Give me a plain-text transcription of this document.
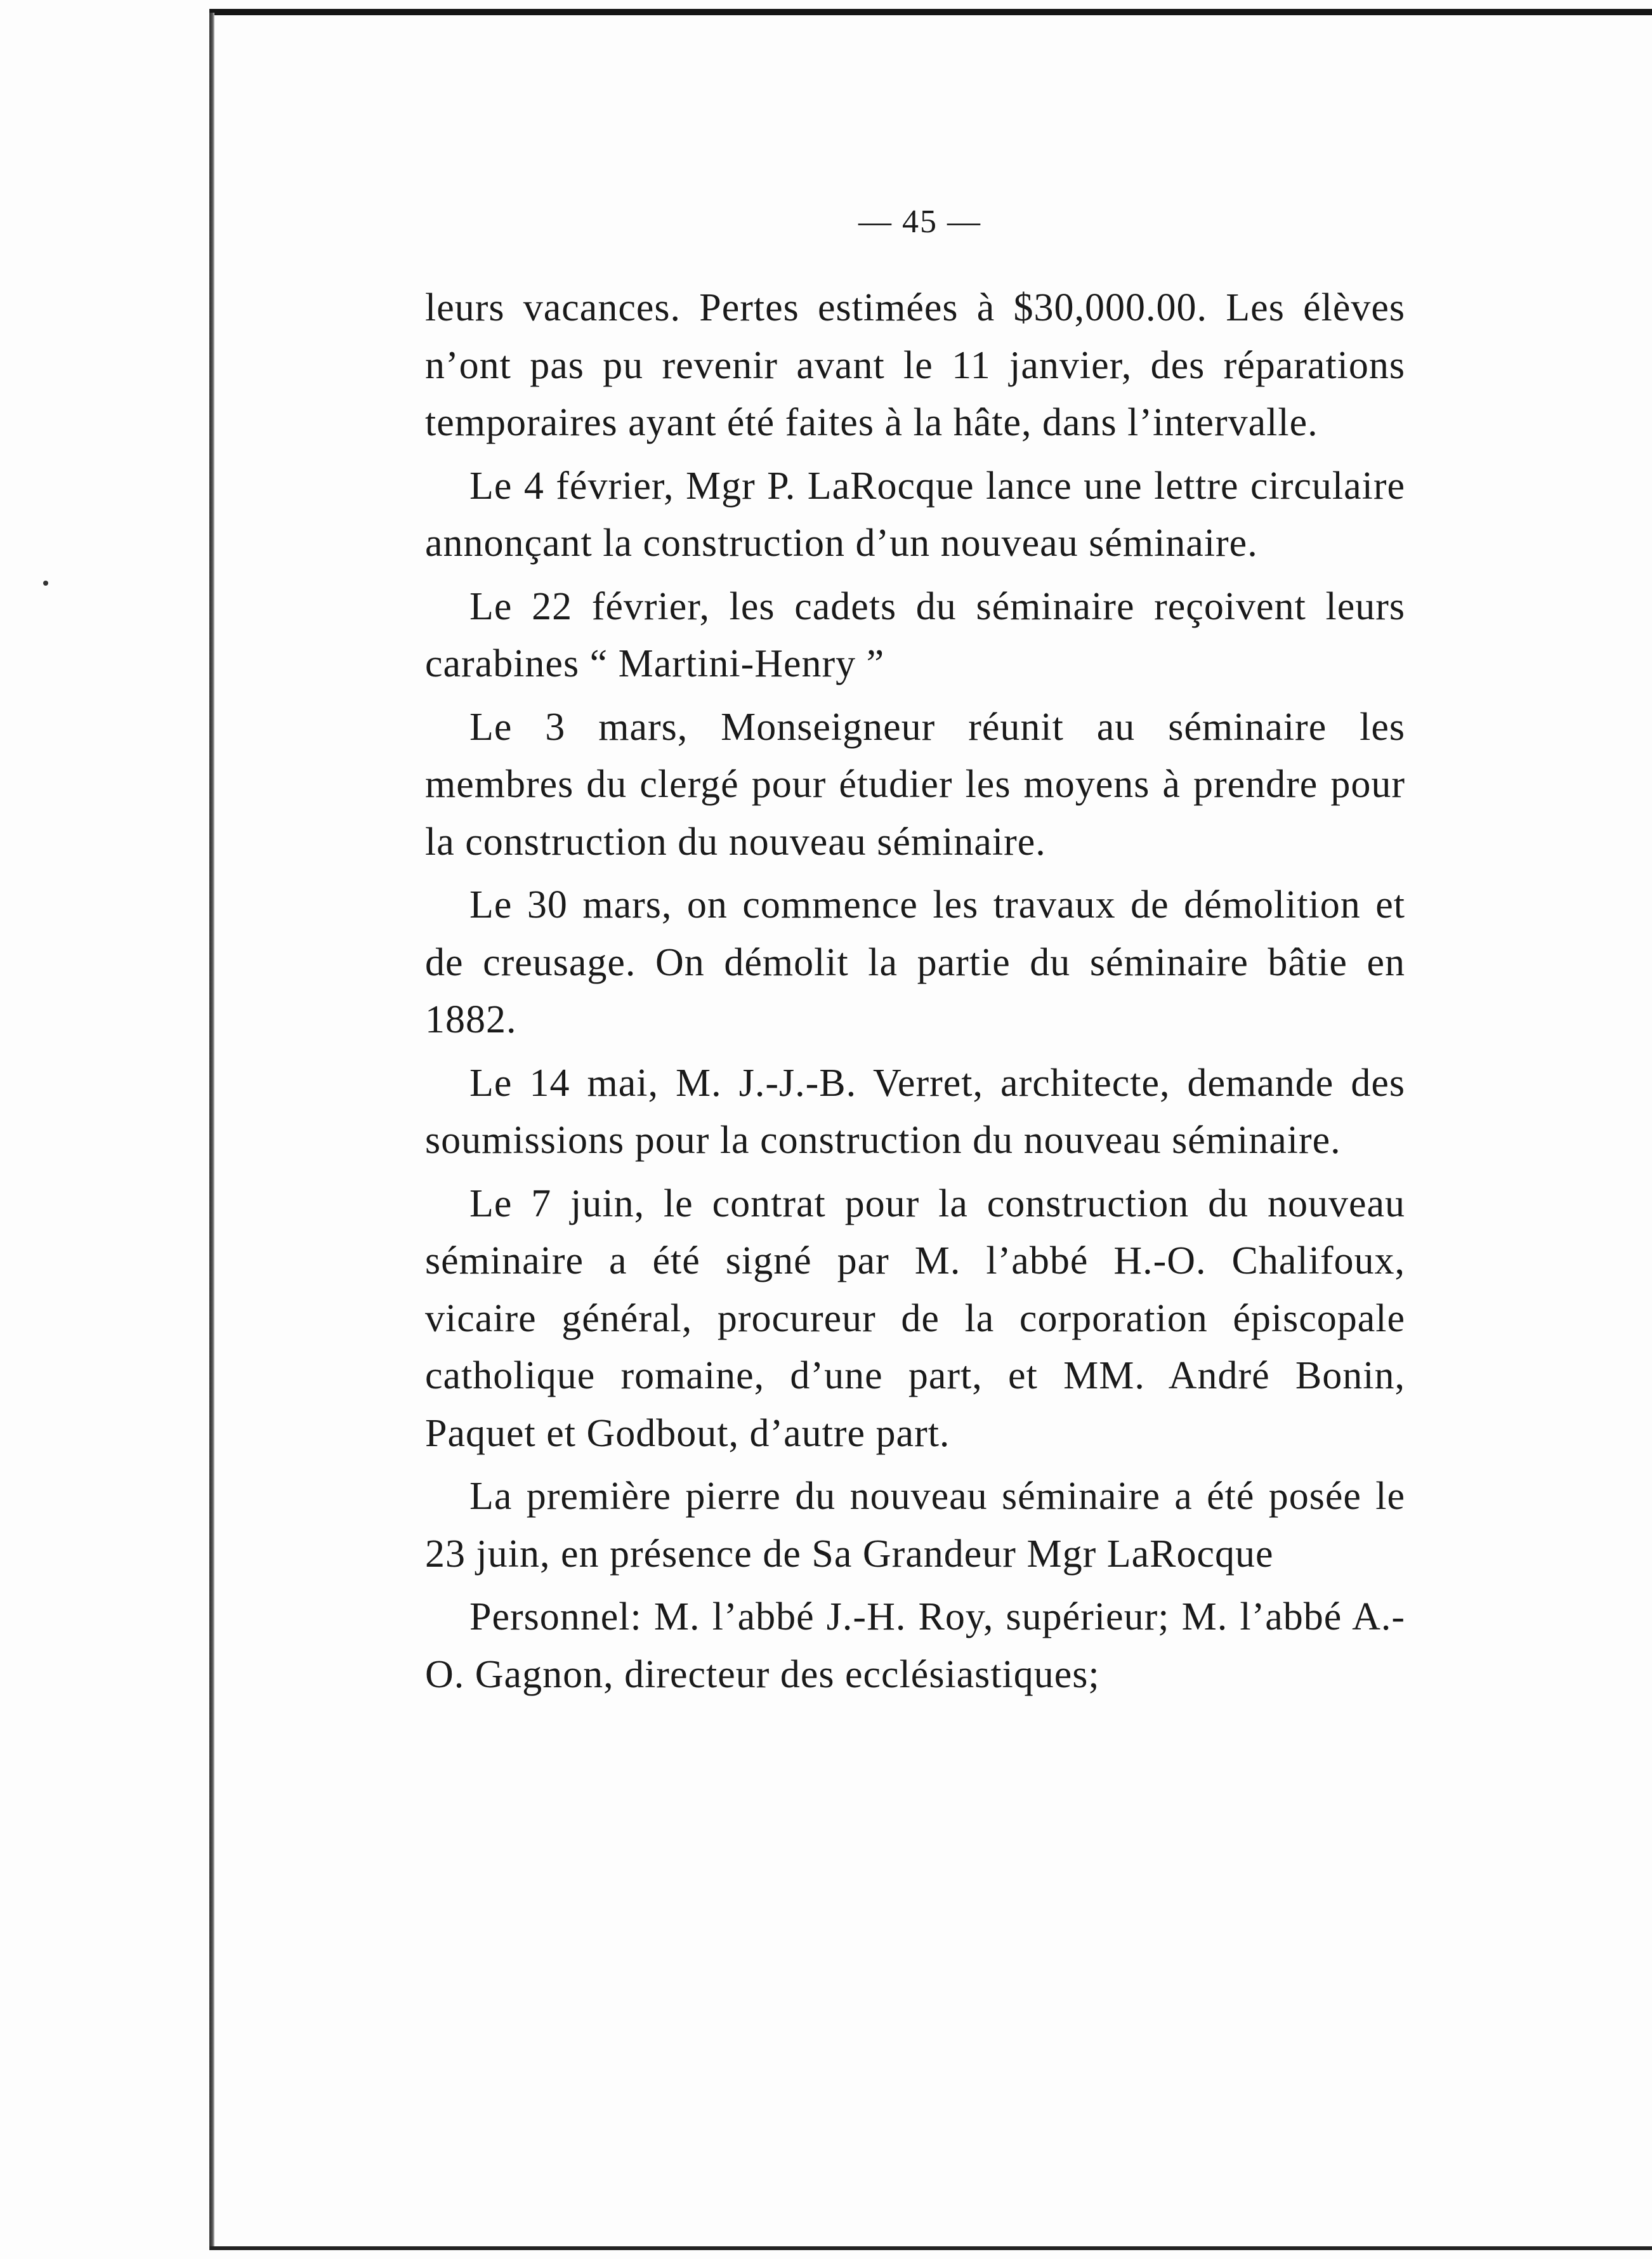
— 45 —

leurs vacances. Pertes estimées à $30,000.00. Les élèves n’ont pas pu revenir avant le 11 janvier, des réparations temporaires ayant été faites à la hâte, dans l’intervalle.

Le 4 février, Mgr P. LaRocque lance une lettre circulaire annonçant la construction d’un nouveau séminaire.

Le 22 février, les cadets du séminaire reçoivent leurs carabines “ Martini-Henry ”

Le 3 mars, Monseigneur réunit au séminaire les membres du clergé pour étudier les moyens à prendre pour la construction du nouveau séminaire.

Le 30 mars, on commence les travaux de démolition et de creusage. On démolit la partie du séminaire bâtie en 1882.

Le 14 mai, M. J.-J.-B. Verret, architecte, demande des soumissions pour la construction du nouveau séminaire.

Le 7 juin, le contrat pour la construction du nouveau séminaire a été signé par M. l’abbé H.-O. Chalifoux, vicaire général, procureur de la corporation épiscopale catholique romaine, d’une part, et MM. André Bonin, Paquet et Godbout, d’autre part.

La première pierre du nouveau séminaire a été posée le 23 juin, en présence de Sa Grandeur Mgr LaRocque

Personnel: M. l’abbé J.-H. Roy, supérieur; M. l’abbé A.-O. Gagnon, directeur des ecclésiastiques;
